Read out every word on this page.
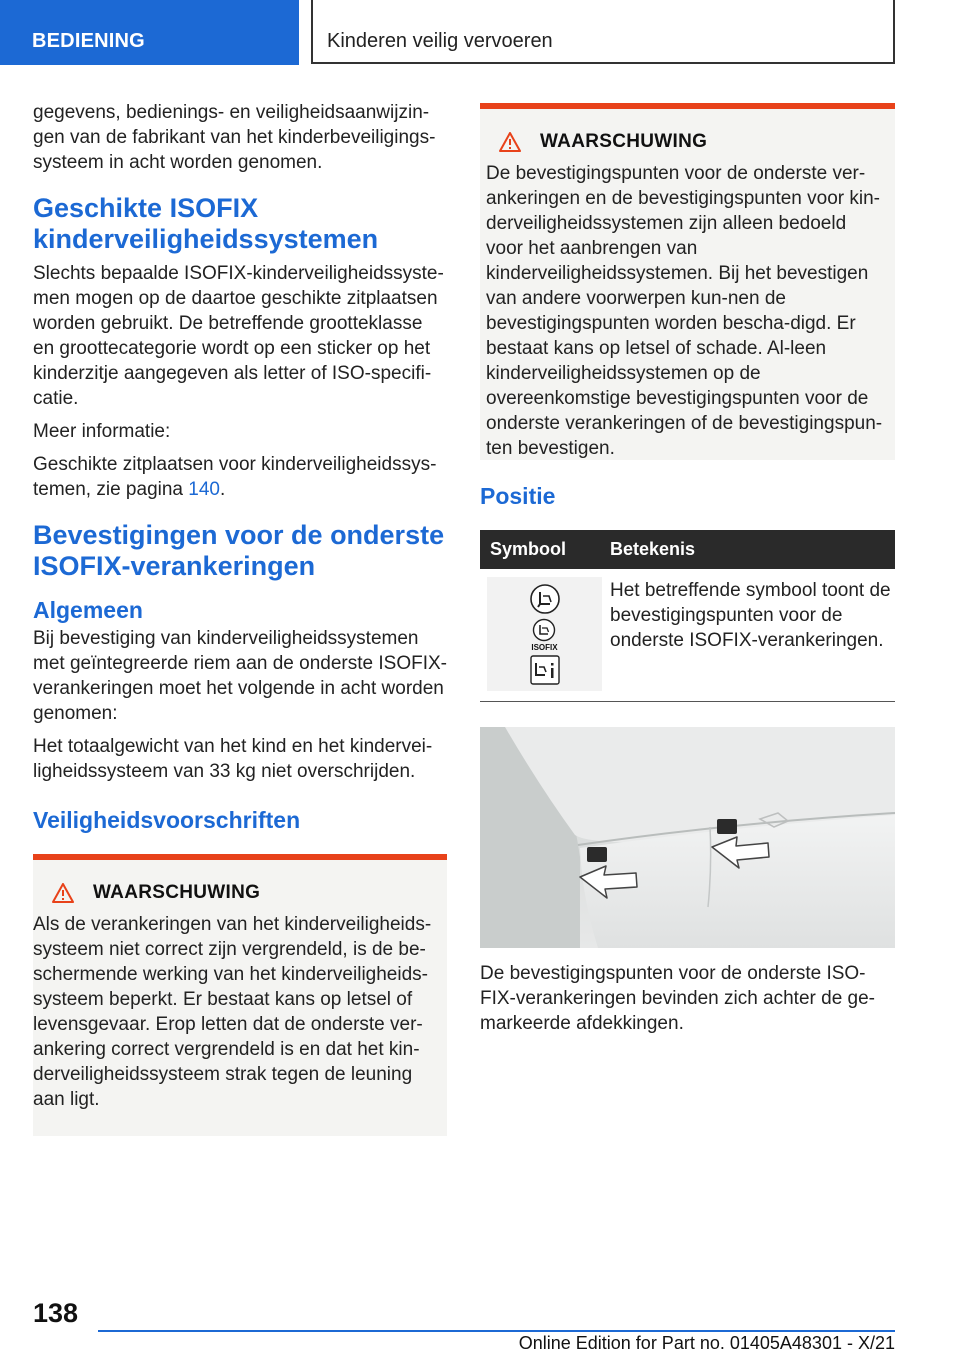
BEDIENING	Kinderen veilig vervoeren

gegevens, bedienings- en veiligheidsaanwijzin-gen van de fabrikant van het kinderbeveiligings-systeem in acht worden genomen.

Geschikte ISOFIX kinderveiligheidssystemen

Slechts bepaalde ISOFIX-kinderveiligheidssyste-men mogen op de daartoe geschikte zitplaatsen worden gebruikt. De betreffende grootteklasse en groottecategorie wordt op een sticker op het kinderzitje aangegeven als letter of ISO-specifi-catie.

Meer informatie:

Geschikte zitplaatsen voor kinderveiligheidssys-temen, zie pagina 140.

Bevestigingen voor de onderste ISOFIX-verankeringen
Algemeen

Bij bevestiging van kinderveiligheidssystemen met geïntegreerde riem aan de onderste ISOFIX-verankeringen moet het volgende in acht worden genomen:

Het totaalgewicht van het kind en het kindervei-ligheidssysteem van 33 kg niet overschrijden.

Veiligheidsvoorschriften
WAARSCHUWING

Als de verankeringen van het kinderveiligheids-systeem niet correct zijn vergrendeld, is de be-schermende werking van het kinderveiligheids-systeem beperkt. Er bestaat kans op letsel of levensgevaar. Erop letten dat de onderste ver-ankering correct vergrendeld is en dat het kin-derveiligheidssysteem strak tegen de leuning aan ligt.

WAARSCHUWING

De bevestigingspunten voor de onderste ver-ankeringen en de bevestigingspunten voor kin-derveiligheidssystemen zijn alleen bedoeld voor het aanbrengen van kinderveiligheidssystemen. Bij het bevestigen van andere voorwerpen kun-nen de bevestigingspunten worden bescha-digd. Er bestaat kans op letsel of schade. Al-leen kinderveiligheidssystemen op de overeenkomstige bevestigingspunten voor de onderste verankeringen of de bevestigingspun-ten bevestigen.

Positie
Symbool	Betekenis

ISOFIX	Het betreffende symbool toont de bevestigingspunten voor de onderste ISOFIX-verankeringen.

De bevestigingspunten voor de onderste ISO-FIX-verankeringen bevinden zich achter de ge-markeerde afdekkingen.

138
Online Edition for Part no. 01405A48301 - X/21
